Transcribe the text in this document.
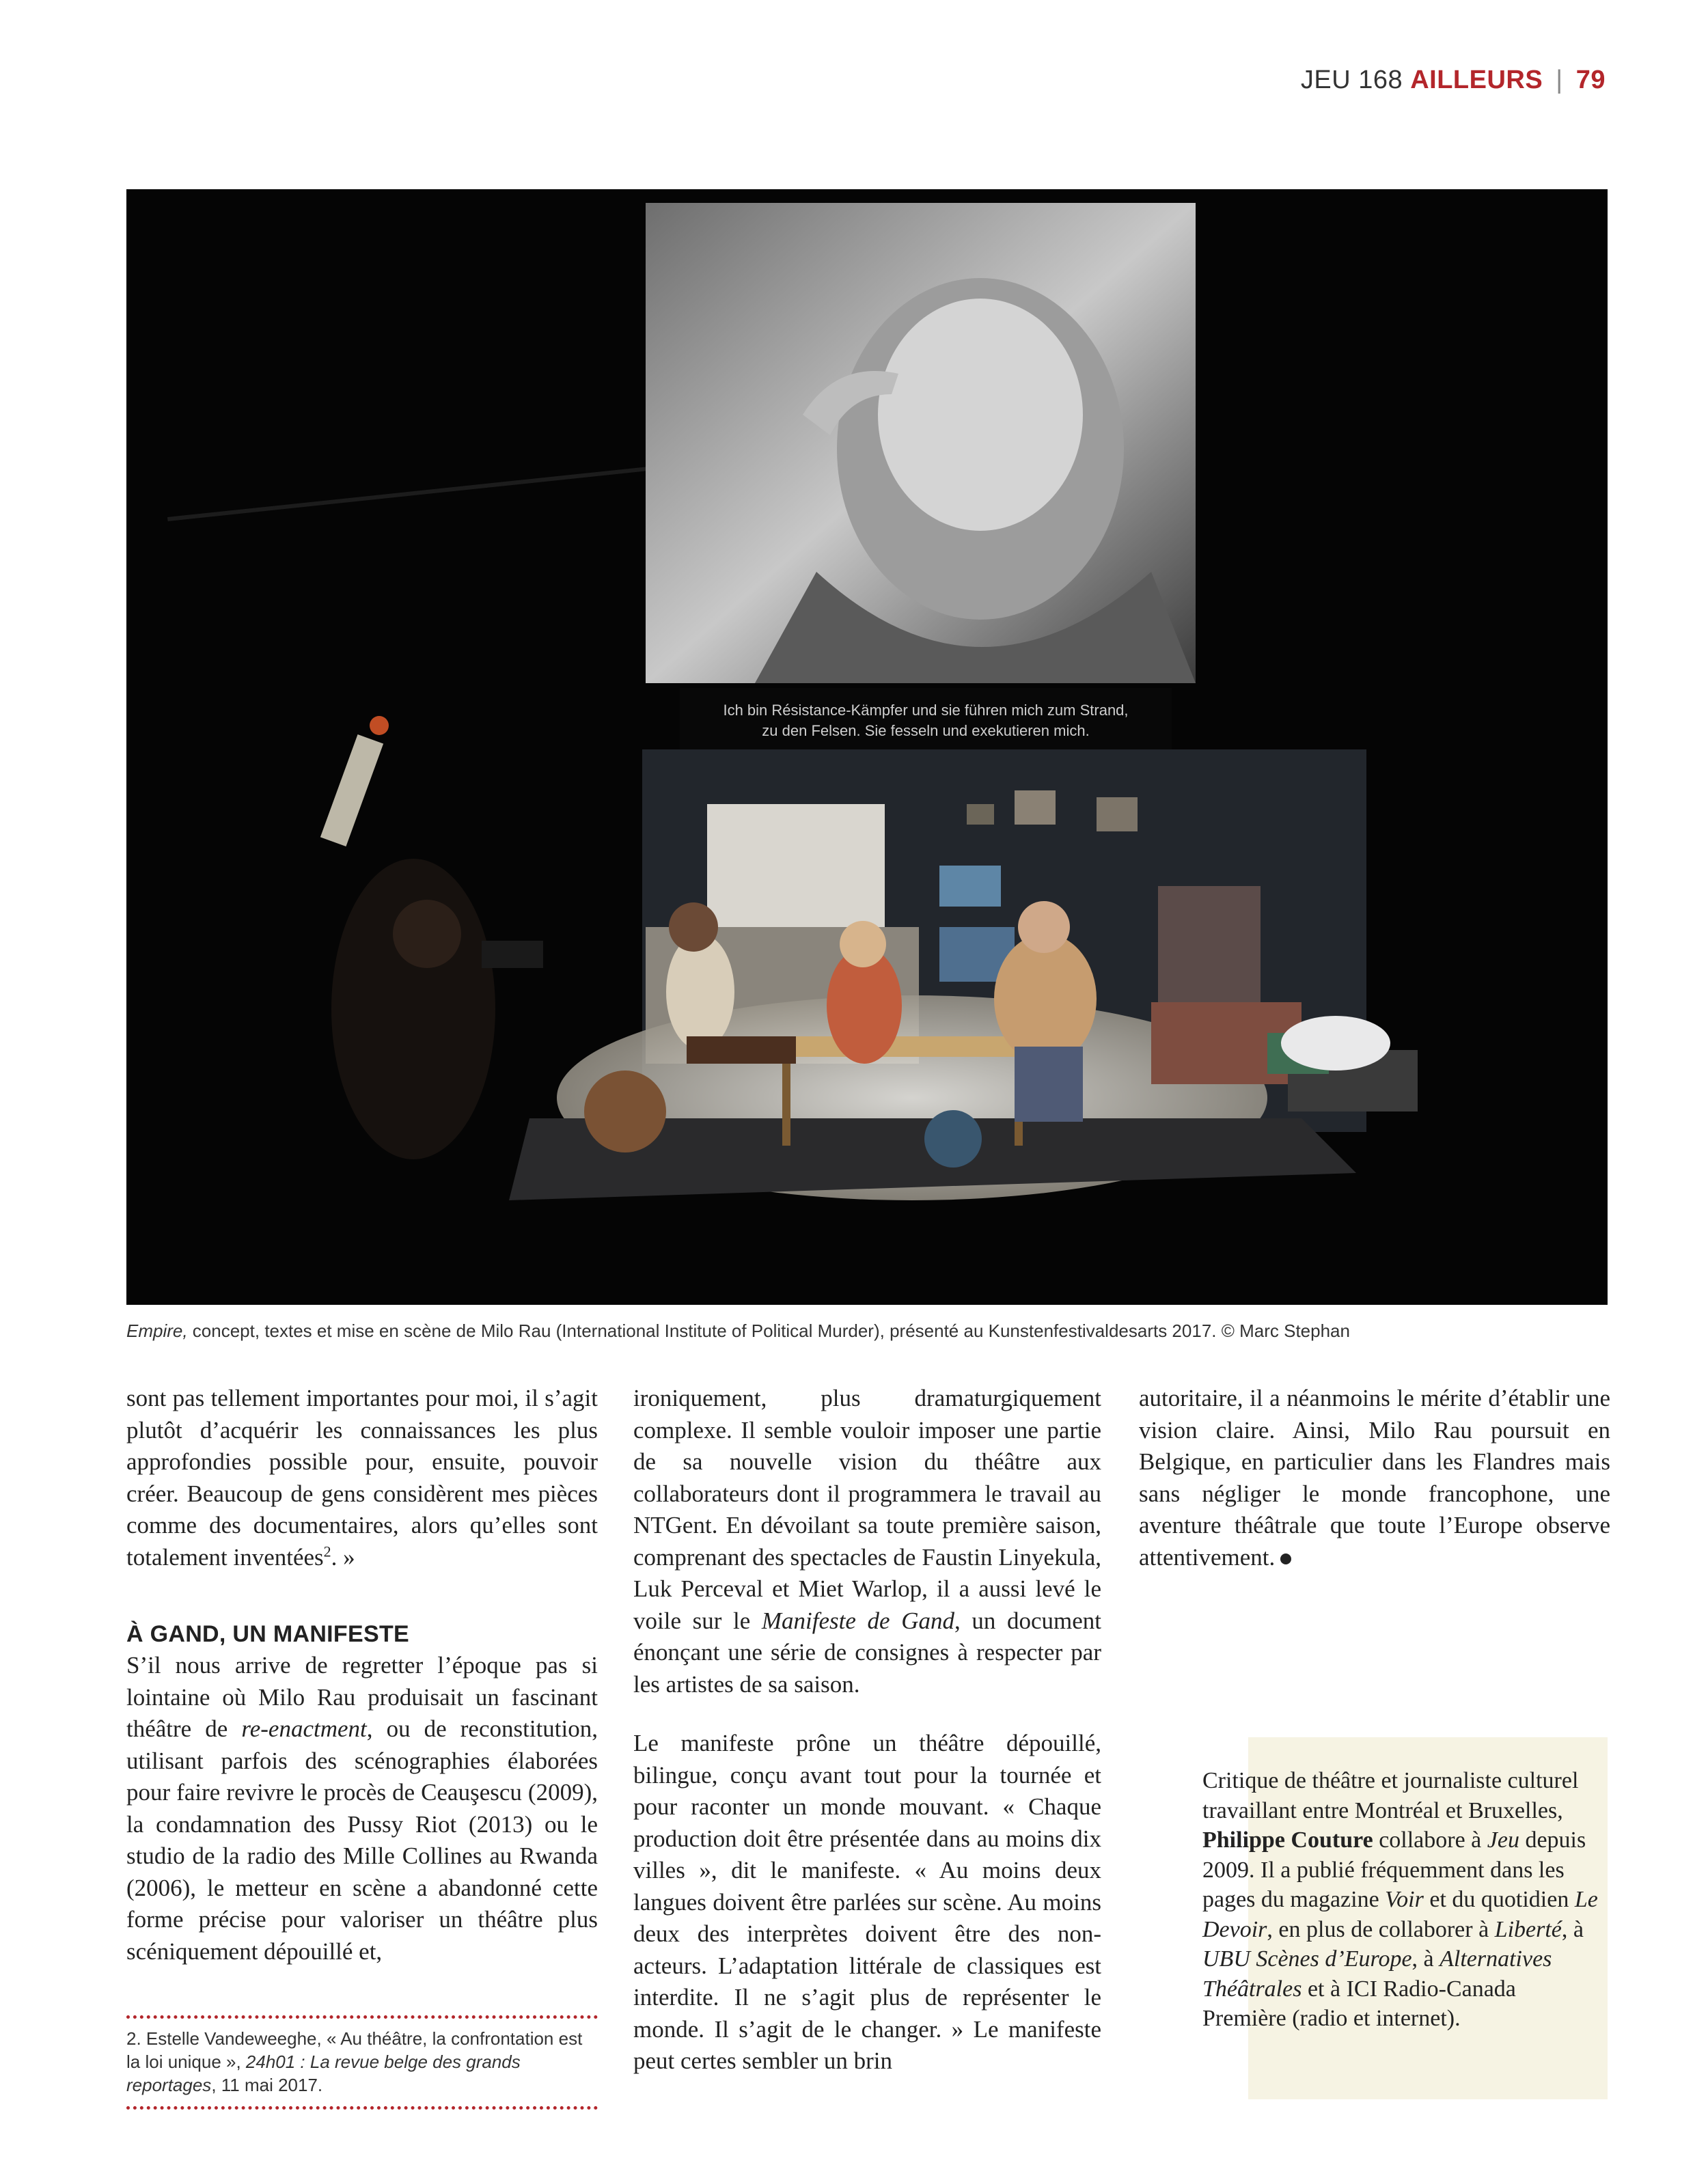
JEU 168 AILLEURS | 79
Ich bin Résistance-Kämpfer und sie führen mich zum Strand,
zu den Felsen. Sie fesseln und exekutieren mich.
Empire, concept, textes et mise en scène de Milo Rau (International Institute of Political Murder), présenté au Kunstenfestivaldesarts 2017. © Marc Stephan

sont pas tellement importantes pour moi, il s’agit plutôt d’acquérir les connaissances les plus approfondies possible pour, ensuite, pouvoir créer. Beaucoup de gens considèrent mes pièces comme des documentaires, alors qu’elles sont totalement inventées$^2$. »

À GAND, UN MANIFESTE

S’il nous arrive de regretter l’époque pas si lointaine où Milo Rau produisait un fascinant théâtre de re-enactment, ou de reconstitution, utilisant parfois des scénographies élaborées pour faire revivre le procès de Ceauşescu (2009), la condamnation des Pussy Riot (2013) ou le studio de la radio des Mille Collines au Rwanda (2006), le metteur en scène a abandonné cette forme précise pour valoriser un théâtre plus scéniquement dépouillé et,

ironiquement, plus dramaturgiquement complexe. Il semble vouloir imposer une partie de sa nouvelle vision du théâtre aux collaborateurs dont il programmera le travail au NTGent. En dévoilant sa toute première saison, comprenant des spectacles de Faustin Linyekula, Luk Perceval et Miet Warlop, il a aussi levé le voile sur le Manifeste de Gand, un document énonçant une série de consignes à respecter par les artistes de sa saison.

Le manifeste prône un théâtre dépouillé, bilingue, conçu avant tout pour la tournée et pour raconter un monde mouvant. « Chaque production doit être présentée dans au moins dix villes », dit le manifeste. « Au moins deux langues doivent être parlées sur scène. Au moins deux des interprètes doivent être des non-acteurs. L’adaptation littérale de classiques est interdite. Il ne s’agit plus de représenter le monde. Il s’agit de le changer. » Le manifeste peut certes sembler un brin

autoritaire, il a néanmoins le mérite d’établir une vision claire. Ainsi, Milo Rau poursuit en Belgique, en particulier dans les Flandres mais sans négliger le monde francophone, une aventure théâtrale que toute l’Europe observe attentivement.

2. Estelle Vandeweeghe, « Au théâtre, la confrontation est la loi unique », 24h01 : La revue belge des grands reportages, 11 mai 2017.
Critique de théâtre et journaliste culturel travaillant entre Montréal et Bruxelles, Philippe Couture collabore à Jeu depuis 2009. Il a publié fréquemment dans les pages du magazine Voir et du quotidien Le Devoir, en plus de collaborer à Liberté, à UBU Scènes d’Europe, à Alternatives Théâtrales et à ICI Radio-Canada Première (radio et internet).
